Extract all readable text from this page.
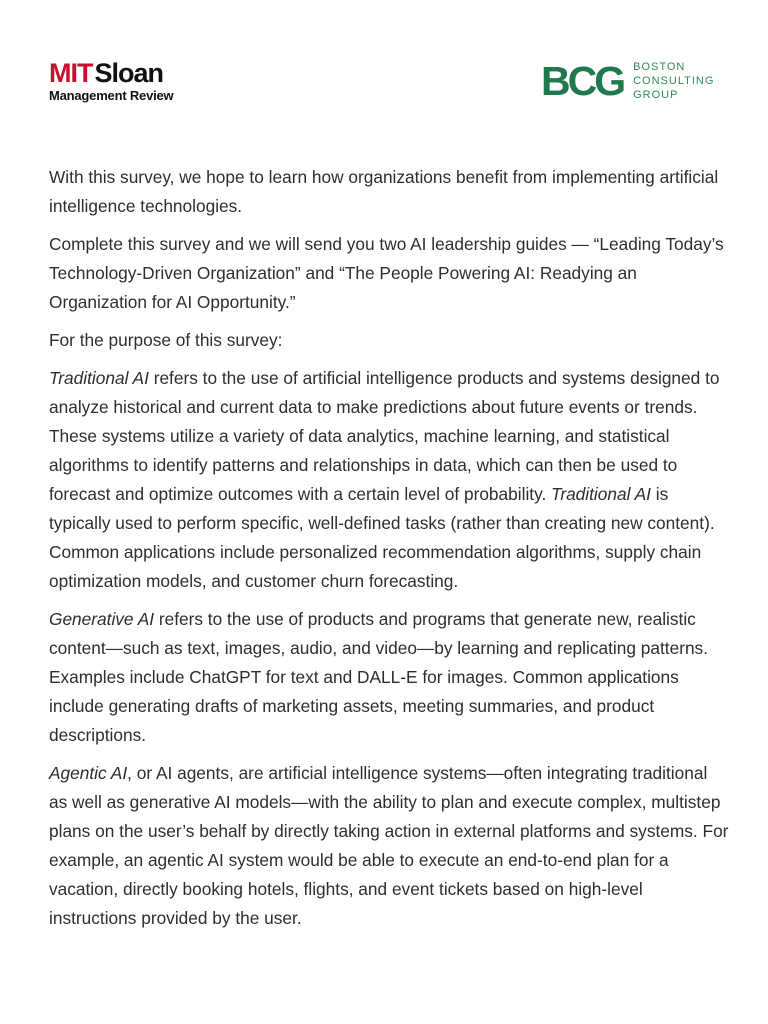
MIT Sloan
Management Review	BCG BOSTON
CONSULTING
GROUP

With this survey, we hope to learn how organizations benefit from implementing artificial intelligence technologies.

Complete this survey and we will send you two AI leadership guides — “Leading Today’s Technology-Driven Organization” and “The People Powering AI: Readying an Organization for AI Opportunity.”

For the purpose of this survey:

Traditional AI refers to the use of artificial intelligence products and systems designed to analyze historical and current data to make predictions about future events or trends. These systems utilize a variety of data analytics, machine learning, and statistical algorithms to identify patterns and relationships in data, which can then be used to forecast and optimize outcomes with a certain level of probability. Traditional AI is typically used to perform specific, well-defined tasks (rather than creating new content). Common applications include personalized recommendation algorithms, supply chain optimization models, and customer churn forecasting.

Generative AI refers to the use of products and programs that generate new, realistic content—such as text, images, audio, and video—by learning and replicating patterns. Examples include ChatGPT for text and DALL-E for images. Common applications include generating drafts of marketing assets, meeting summaries, and product descriptions.

Agentic AI, or AI agents, are artificial intelligence systems—often integrating traditional as well as generative AI models—with the ability to plan and execute complex, multistep plans on the user’s behalf by directly taking action in external platforms and systems. For example, an agentic AI system would be able to execute an end-to-end plan for a vacation, directly booking hotels, flights, and event tickets based on high-level instructions provided by the user.
